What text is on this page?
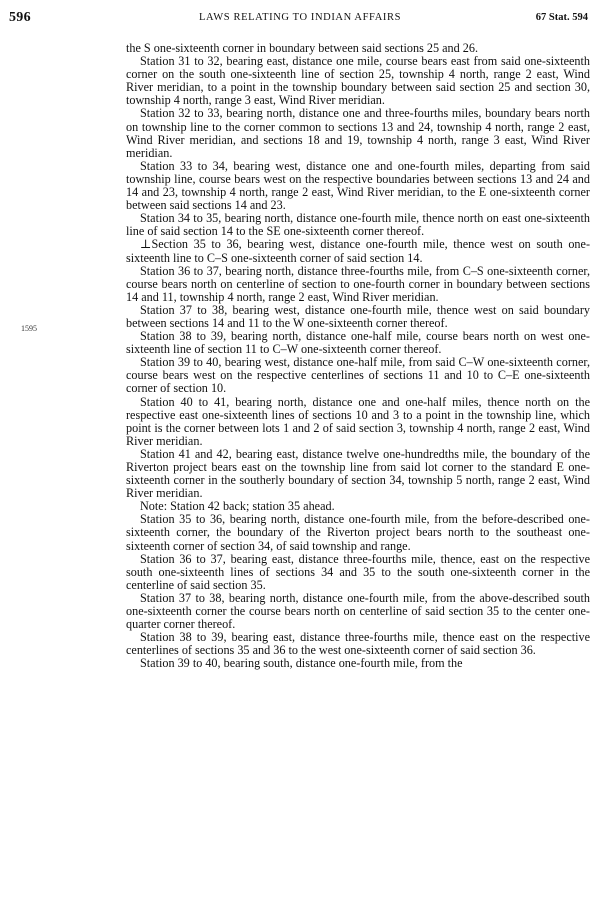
596	LAWS RELATING TO INDIAN AFFAIRS	67 Stat. 594
1595

the S one-sixteenth corner in boundary between said sections 25 and 26.

Station 31 to 32, bearing east, distance one mile, course bears east from said one-sixteenth corner on the south one-sixteenth line of section 25, township 4 north, range 2 east, Wind River meridian, to a point in the township boundary between said section 25 and section 30, township 4 north, range 3 east, Wind River meridian.

Station 32 to 33, bearing north, distance one and three-fourths miles, boundary bears north on township line to the corner common to sections 13 and 24, township 4 north, range 2 east, Wind River meridian, and sections 18 and 19, township 4 north, range 3 east, Wind River meridian.

Station 33 to 34, bearing west, distance one and one-fourth miles, departing from said township line, course bears west on the respective boundaries between sections 13 and 24 and 14 and 23, township 4 north, range 2 east, Wind River meridian, to the E one-sixteenth corner between said sections 14 and 23.

Station 34 to 35, bearing north, distance one-fourth mile, thence north on east one-sixteenth line of said section 14 to the SE one-sixteenth corner thereof.

⊥Section 35 to 36, bearing west, distance one-fourth mile, thence west on south one-sixteenth line to C–S one-sixteenth corner of said section 14.

Station 36 to 37, bearing north, distance three-fourths mile, from C–S one-sixteenth corner, course bears north on centerline of section to one-fourth corner in boundary between sections 14 and 11, township 4 north, range 2 east, Wind River meridian.

Station 37 to 38, bearing west, distance one-fourth mile, thence west on said boundary between sections 14 and 11 to the W one-sixteenth corner thereof.

Station 38 to 39, bearing north, distance one-half mile, course bears north on west one-sixteenth line of section 11 to C–W one-sixteenth corner thereof.

Station 39 to 40, bearing west, distance one-half mile, from said C–W one-sixteenth corner, course bears west on the respective centerlines of sections 11 and 10 to C–E one-sixteenth corner of section 10.

Station 40 to 41, bearing north, distance one and one-half miles, thence north on the respective east one-sixteenth lines of sections 10 and 3 to a point in the township line, which point is the corner between lots 1 and 2 of said section 3, township 4 north, range 2 east, Wind River meridian.

Station 41 and 42, bearing east, distance twelve one-hundredths mile, the boundary of the Riverton project bears east on the township line from said lot corner to the standard E one-sixteenth corner in the southerly boundary of section 34, township 5 north, range 2 east, Wind River meridian.

Note: Station 42 back; station 35 ahead.

Station 35 to 36, bearing north, distance one-fourth mile, from the before-described one-sixteenth corner, the boundary of the Riverton project bears north to the southeast one-sixteenth corner of section 34, of said township and range.

Station 36 to 37, bearing east, distance three-fourths mile, thence, east on the respective south one-sixteenth lines of sections 34 and 35 to the south one-sixteenth corner in the centerline of said section 35.

Station 37 to 38, bearing north, distance one-fourth mile, from the above-described south one-sixteenth corner the course bears north on centerline of said section 35 to the center one-quarter corner thereof.

Station 38 to 39, bearing east, distance three-fourths mile, thence east on the respective centerlines of sections 35 and 36 to the west one-sixteenth corner of said section 36.

Station 39 to 40, bearing south, distance one-fourth mile, from the
